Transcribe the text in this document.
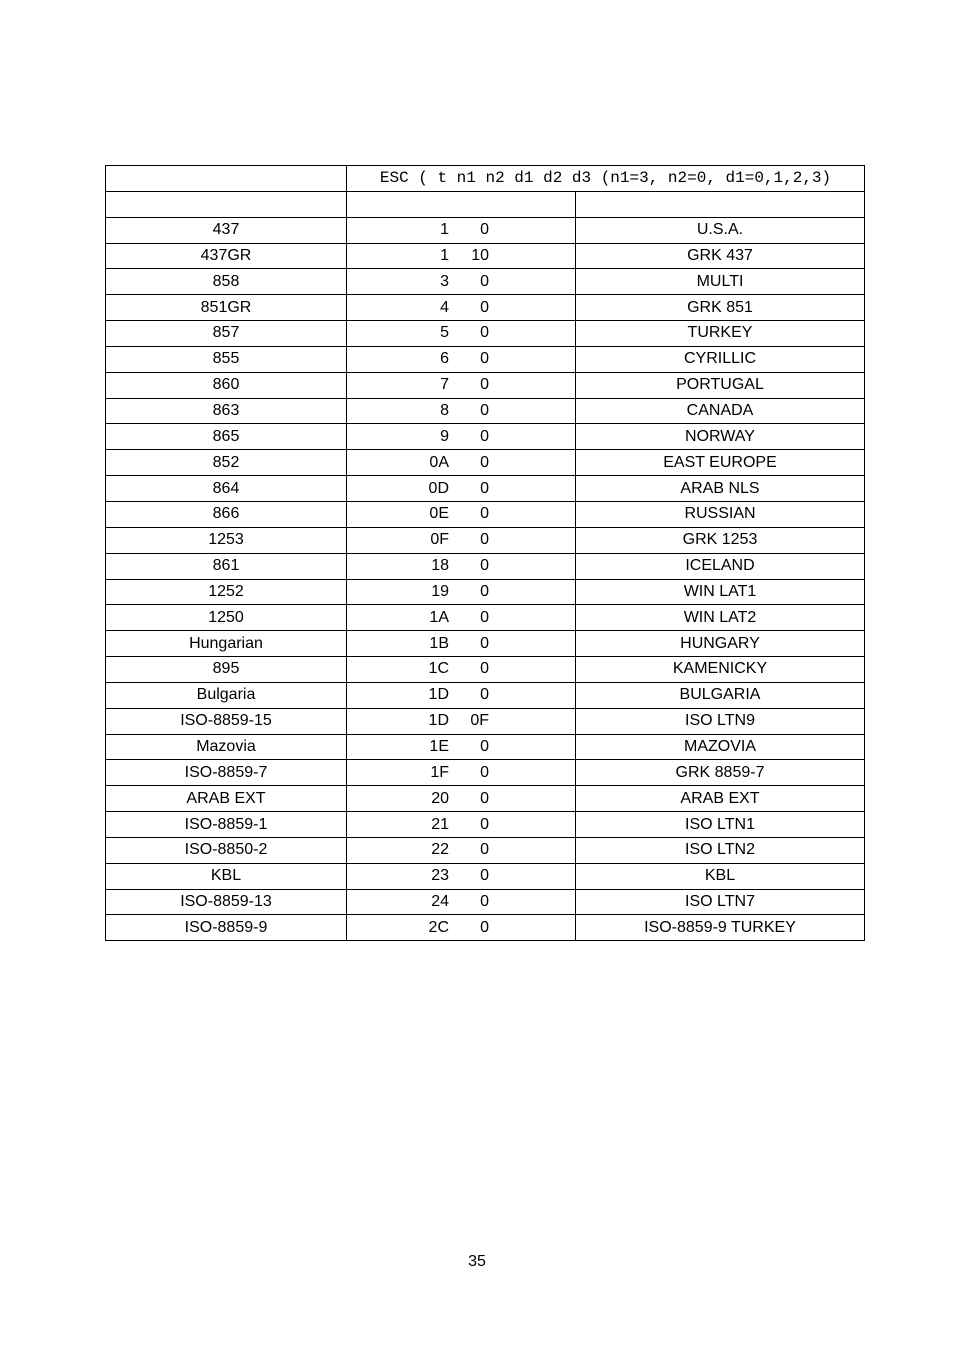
	ESC ( t n1 n2 d1 d2 d3 (n1=3, n2=0, d1=0,1,2,3)	

437	1 0	U.S.A.
437GR	1 10	GRK 437
858	3 0	MULTI
851GR	4 0	GRK 851
857	5 0	TURKEY
855	6 0	CYRILLIC
860	7 0	PORTUGAL
863	8 0	CANADA
865	9 0	NORWAY
852	0A 0	EAST EUROPE
864	0D 0	ARAB NLS
866	0E 0	RUSSIAN
1253	0F 0	GRK 1253
861	18 0	ICELAND
1252	19 0	WIN LAT1
1250	1A 0	WIN LAT2
Hungarian	1B 0	HUNGARY
895	1C 0	KAMENICKY
Bulgaria	1D 0	BULGARIA
ISO-8859-15	1D 0F	ISO LTN9
Mazovia	1E 0	MAZOVIA
ISO-8859-7	1F 0	GRK 8859-7
ARAB EXT	20 0	ARAB EXT
ISO-8859-1	21 0	ISO LTN1
ISO-8850-2	22 0	ISO LTN2
KBL	23 0	KBL
ISO-8859-13	24 0	ISO LTN7
ISO-8859-9	2C 0	ISO-8859-9 TURKEY
35
